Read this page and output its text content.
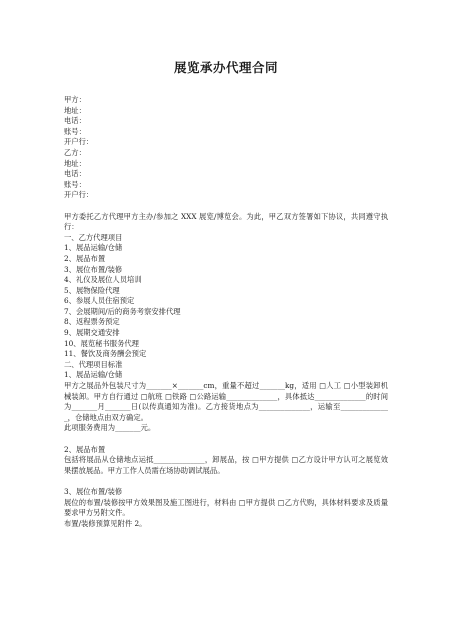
展览承办代理合同
甲方：
地址：
电话：
账号：
开户行：
乙方：
地址：
电话：
账号：
开户行：
甲方委托乙方代理甲方主办/参加之 XXX 展览/博览会。为此，甲乙双方签署如下协议，共同遵守执行：
一、乙方代理项目
1、展品运输/仓储
2、展品布置
3、展位布置/装修
4、礼仪及展位人员培训
5、展物保险代理
6、参展人员住宿预定
7、会展期间/后的商务考察安排代理
8、返程票务预定
9、展期交通安排
10、展览秘书服务代理
11、餐饮及商务酬会预定
二、代理项目标准
1、展品运输/仓储
甲方之展品外包装尺寸为_______×_______cm，重量不超过_______kg，适用 □人工 □小型装卸机械装卸。甲方自行通过 □航班 □铁路 □公路运输______________，具体抵达______________的时间为_______月_______日(以传真通知为准)。乙方接货地点为______________，运输至______________，仓储地点由双方确定。
此项服务费用为_______元。
2、展品布置
包括将展品从仓储地点运抵______________，卸展品，按 □甲方提供 □乙方设计甲方认可之展览效果摆放展品。甲方工作人员需在场协助调试展品。
3、展位布置/装修
展位的布置/装修按甲方效果图及施工图进行，材料由 □甲方提供 □乙方代购，具体材料要求及质量要求甲方另附文件。
布置/装修预算见附件 2。
